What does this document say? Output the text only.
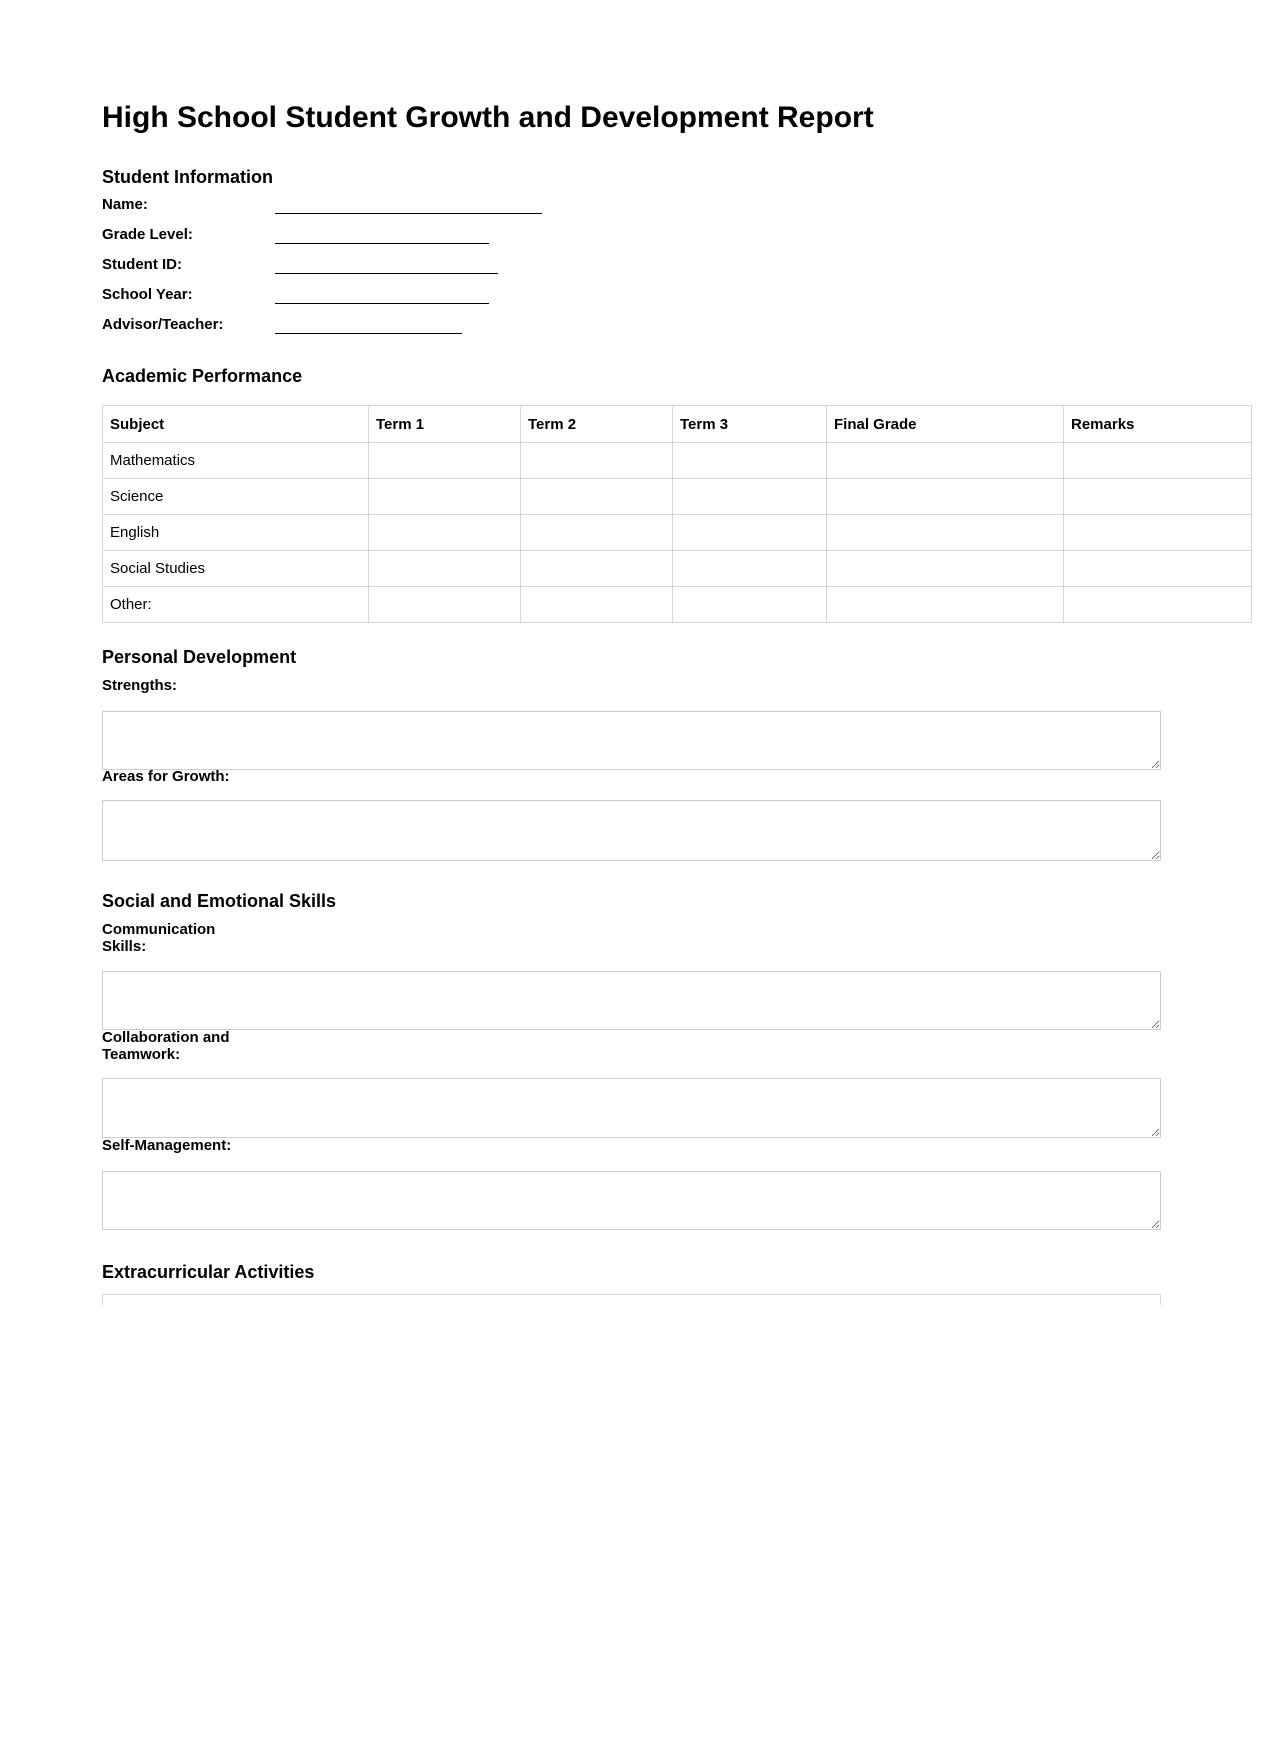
High School Student Growth and Development Report
Student Information
Name:
Grade Level:
Student ID:
School Year:
Advisor/Teacher:
Academic Performance
Subject	Term 1	Term 2	Term 3	Final Grade	Remarks
Mathematics					
Science					
English					
Social Studies					
Other:					
Personal Development
Strengths:
Areas for Growth:
Social and Emotional Skills
Communication Skills:
Collaboration and Teamwork:
Self-Management:
Extracurricular Activities
